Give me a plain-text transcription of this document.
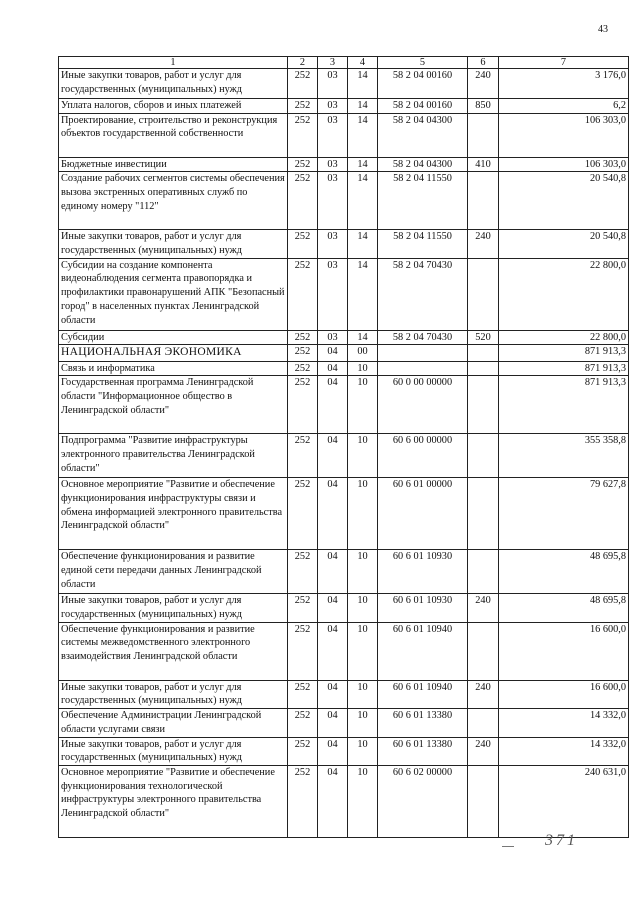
43
1	2	3	4	5	6	7
Иные закупки товаров, работ и услуг для государственных (муниципальных) нужд	252	03	14	58 2 04 00160	240	3 176,0
Уплата налогов, сборов и иных платежей	252	03	14	58 2 04 00160	850	6,2
Проектирование, строительство и реконструкция объектов государственной собственности	252	03	14	58 2 04 04300		106 303,0
Бюджетные инвестиции	252	03	14	58 2 04 04300	410	106 303,0
Создание рабочих сегментов системы обеспечения вызова экстренных оперативных служб по единому номеру "112"	252	03	14	58 2 04 11550		20 540,8
Иные закупки товаров, работ и услуг для государственных (муниципальных) нужд	252	03	14	58 2 04 11550	240	20 540,8
Субсидии на создание компонента видеонаблюдения сегмента правопорядка и профилактики правонарушений АПК "Безопасный город" в населенных пунктах Ленинградской области	252	03	14	58 2 04 70430		22 800,0
Субсидии	252	03	14	58 2 04 70430	520	22 800,0
НАЦИОНАЛЬНАЯ ЭКОНОМИКА	252	04	00			871 913,3
Связь и информатика	252	04	10			871 913,3
Государственная программа Ленинградской области "Информационное общество в Ленинградской области"	252	04	10	60 0 00 00000		871 913,3
Подпрограмма "Развитие инфраструктуры электронного правительства Ленинградской области"	252	04	10	60 6 00 00000		355 358,8
Основное мероприятие "Развитие и обеспечение функционирования инфраструктуры связи и обмена информацией электронного правительства Ленинградской области"	252	04	10	60 6 01 00000		79 627,8
Обеспечение функционирования и развитие единой сети передачи данных Ленинградской области	252	04	10	60 6 01 10930		48 695,8
Иные закупки товаров, работ и услуг для государственных (муниципальных) нужд	252	04	10	60 6 01 10930	240	48 695,8
Обеспечение функционирования и развитие системы межведомственного электронного взаимодействия Ленинградской области	252	04	10	60 6 01 10940		16 600,0
Иные закупки товаров, работ и услуг для государственных (муниципальных) нужд	252	04	10	60 6 01 10940	240	16 600,0
Обеспечение Администрации Ленинградской области услугами связи	252	04	10	60 6 01 13380		14 332,0
Иные закупки товаров, работ и услуг для государственных (муниципальных) нужд	252	04	10	60 6 01 13380	240	14 332,0
Основное мероприятие "Развитие и обеспечение функционирования технологической инфраструктуры электронного правительства Ленинградской области"	252	04	10	60 6 02 00000		240 631,0
371
